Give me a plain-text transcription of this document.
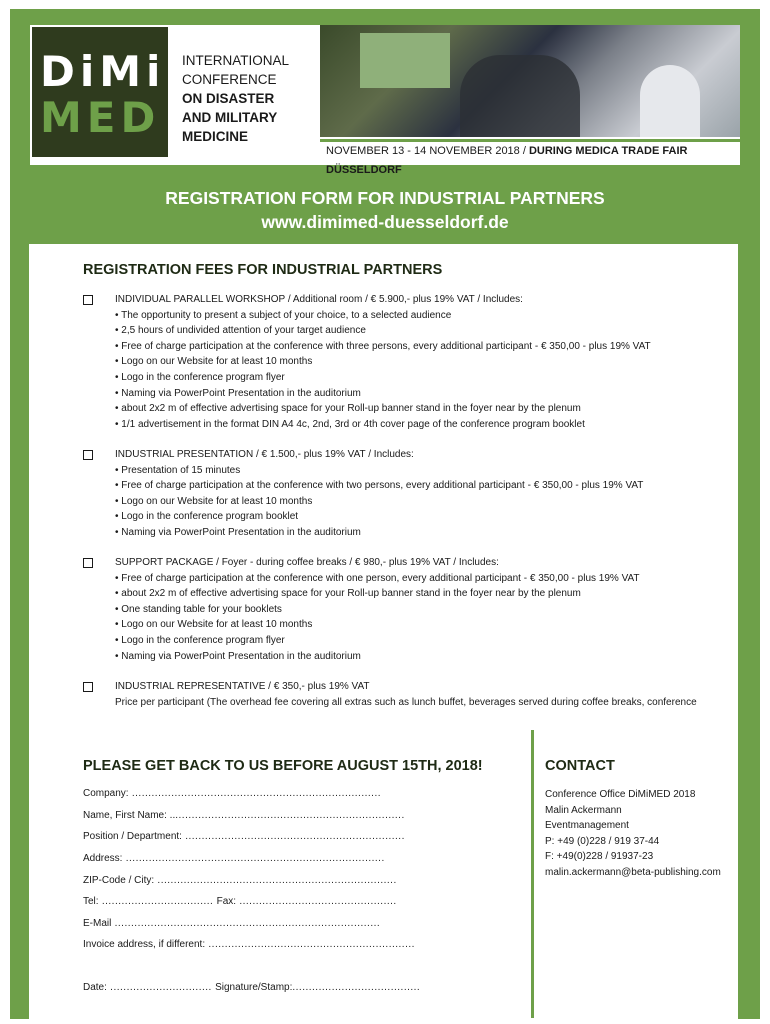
DiMi
MED
INTERNATIONAL
CONFERENCE
ON DISASTER
AND MILITARY
MEDICINE
NOVEMBER 13 - 14 NOVEMBER 2018 / DURING MEDICA TRADE FAIR DÜSSELDORF
REGISTRATION FORM FOR INDUSTRIAL PARTNERS
www.dimimed-duesseldorf.de
REGISTRATION FEES FOR INDUSTRIAL PARTNERS
INDIVIDUAL PARALLEL WORKSHOP / Additional room / € 5.900,- plus 19% VAT / Includes:
• The opportunity to present a subject of your choice, to a selected audience
• 2,5 hours of undivided attention of your target audience
• Free of charge participation at the conference with three persons, every additional participant - € 350,00 - plus 19% VAT
• Logo on our Website for at least 10 months
• Logo in the conference program flyer
• Naming via PowerPoint Presentation in the auditorium
• about 2x2 m of effective advertising space for your Roll-up banner stand in the foyer near by the plenum
• 1/1 advertisement in the format DIN A4 4c, 2nd, 3rd or 4th cover page of the conference program booklet
INDUSTRIAL PRESENTATION / € 1.500,- plus 19% VAT / Includes:
• Presentation of 15 minutes
• Free of charge participation at the conference with two persons, every additional participant - € 350,00 - plus 19% VAT
• Logo on our Website for at least 10 months
• Logo in the conference program booklet
• Naming via PowerPoint Presentation in the auditorium
SUPPORT PACKAGE / Foyer - during coffee breaks / € 980,- plus 19% VAT / Includes:
• Free of charge participation at the conference with one person, every additional participant - € 350,00 - plus 19% VAT
• about 2x2 m of effective advertising space for your Roll-up banner stand in the foyer near by the plenum
• One standing table for your booklets
• Logo on our Website for at least 10 months
• Logo in the conference program flyer
• Naming via PowerPoint Presentation in the auditorium
INDUSTRIAL REPRESENTATIVE / € 350,- plus 19% VAT
Price per participant (The overhead fee covering all extras such as lunch buffet, beverages served during coffee breaks, conference
PLEASE GET BACK TO US BEFORE AUGUST 15TH, 2018!
Company: ............................................................................
Name, First Name: ........................................................................
Position / Department: ...................................................................
Address: ...............................................................................
ZIP-Code / City: .........................................................................
Tel: .................................. Fax: ................................................
E-Mail .................................................................................
Invoice address, if different: ...............................................................
Date: ............................... Signature/Stamp:.......................................
CONTACT
Conference Office DiMiMED 2018
Malin Ackermann
Eventmanagement
P: +49 (0)228 / 919 37-44
F: +49(0)228 / 91937-23
malin.ackermann@beta-publishing.com
